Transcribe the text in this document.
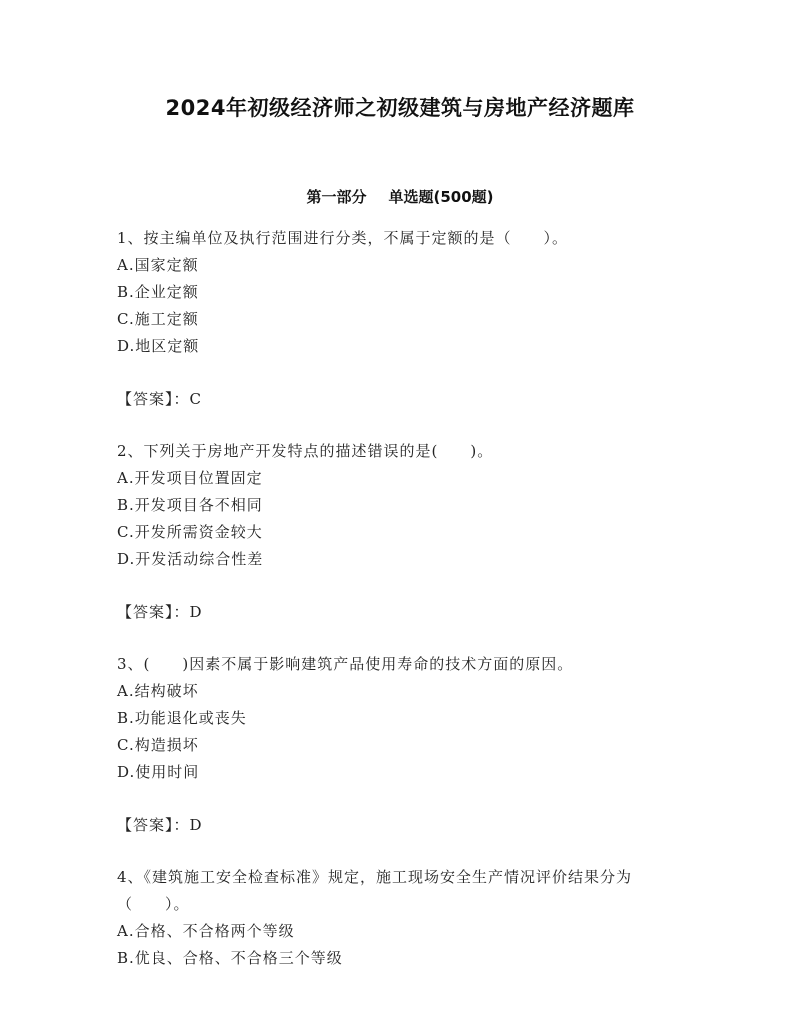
2024年初级经济师之初级建筑与房地产经济题库
第一部分 单选题(500题)

1、按主编单位及执行范围进行分类，不属于定额的是（　　）。

A.国家定额

B.企业定额

C.施工定额

D.地区定额

【答案】：C

2、下列关于房地产开发特点的描述错误的是(　　)。

A.开发项目位置固定

B.开发项目各不相同

C.开发所需资金较大

D.开发活动综合性差

【答案】：D

3、(　　)因素不属于影响建筑产品使用寿命的技术方面的原因。

A.结构破坏

B.功能退化或丧失

C.构造损坏

D.使用时间

【答案】：D

4、《建筑施工安全检查标准》规定，施工现场安全生产情况评价结果分为（　　）。

A.合格、不合格两个等级

B.优良、合格、不合格三个等级
